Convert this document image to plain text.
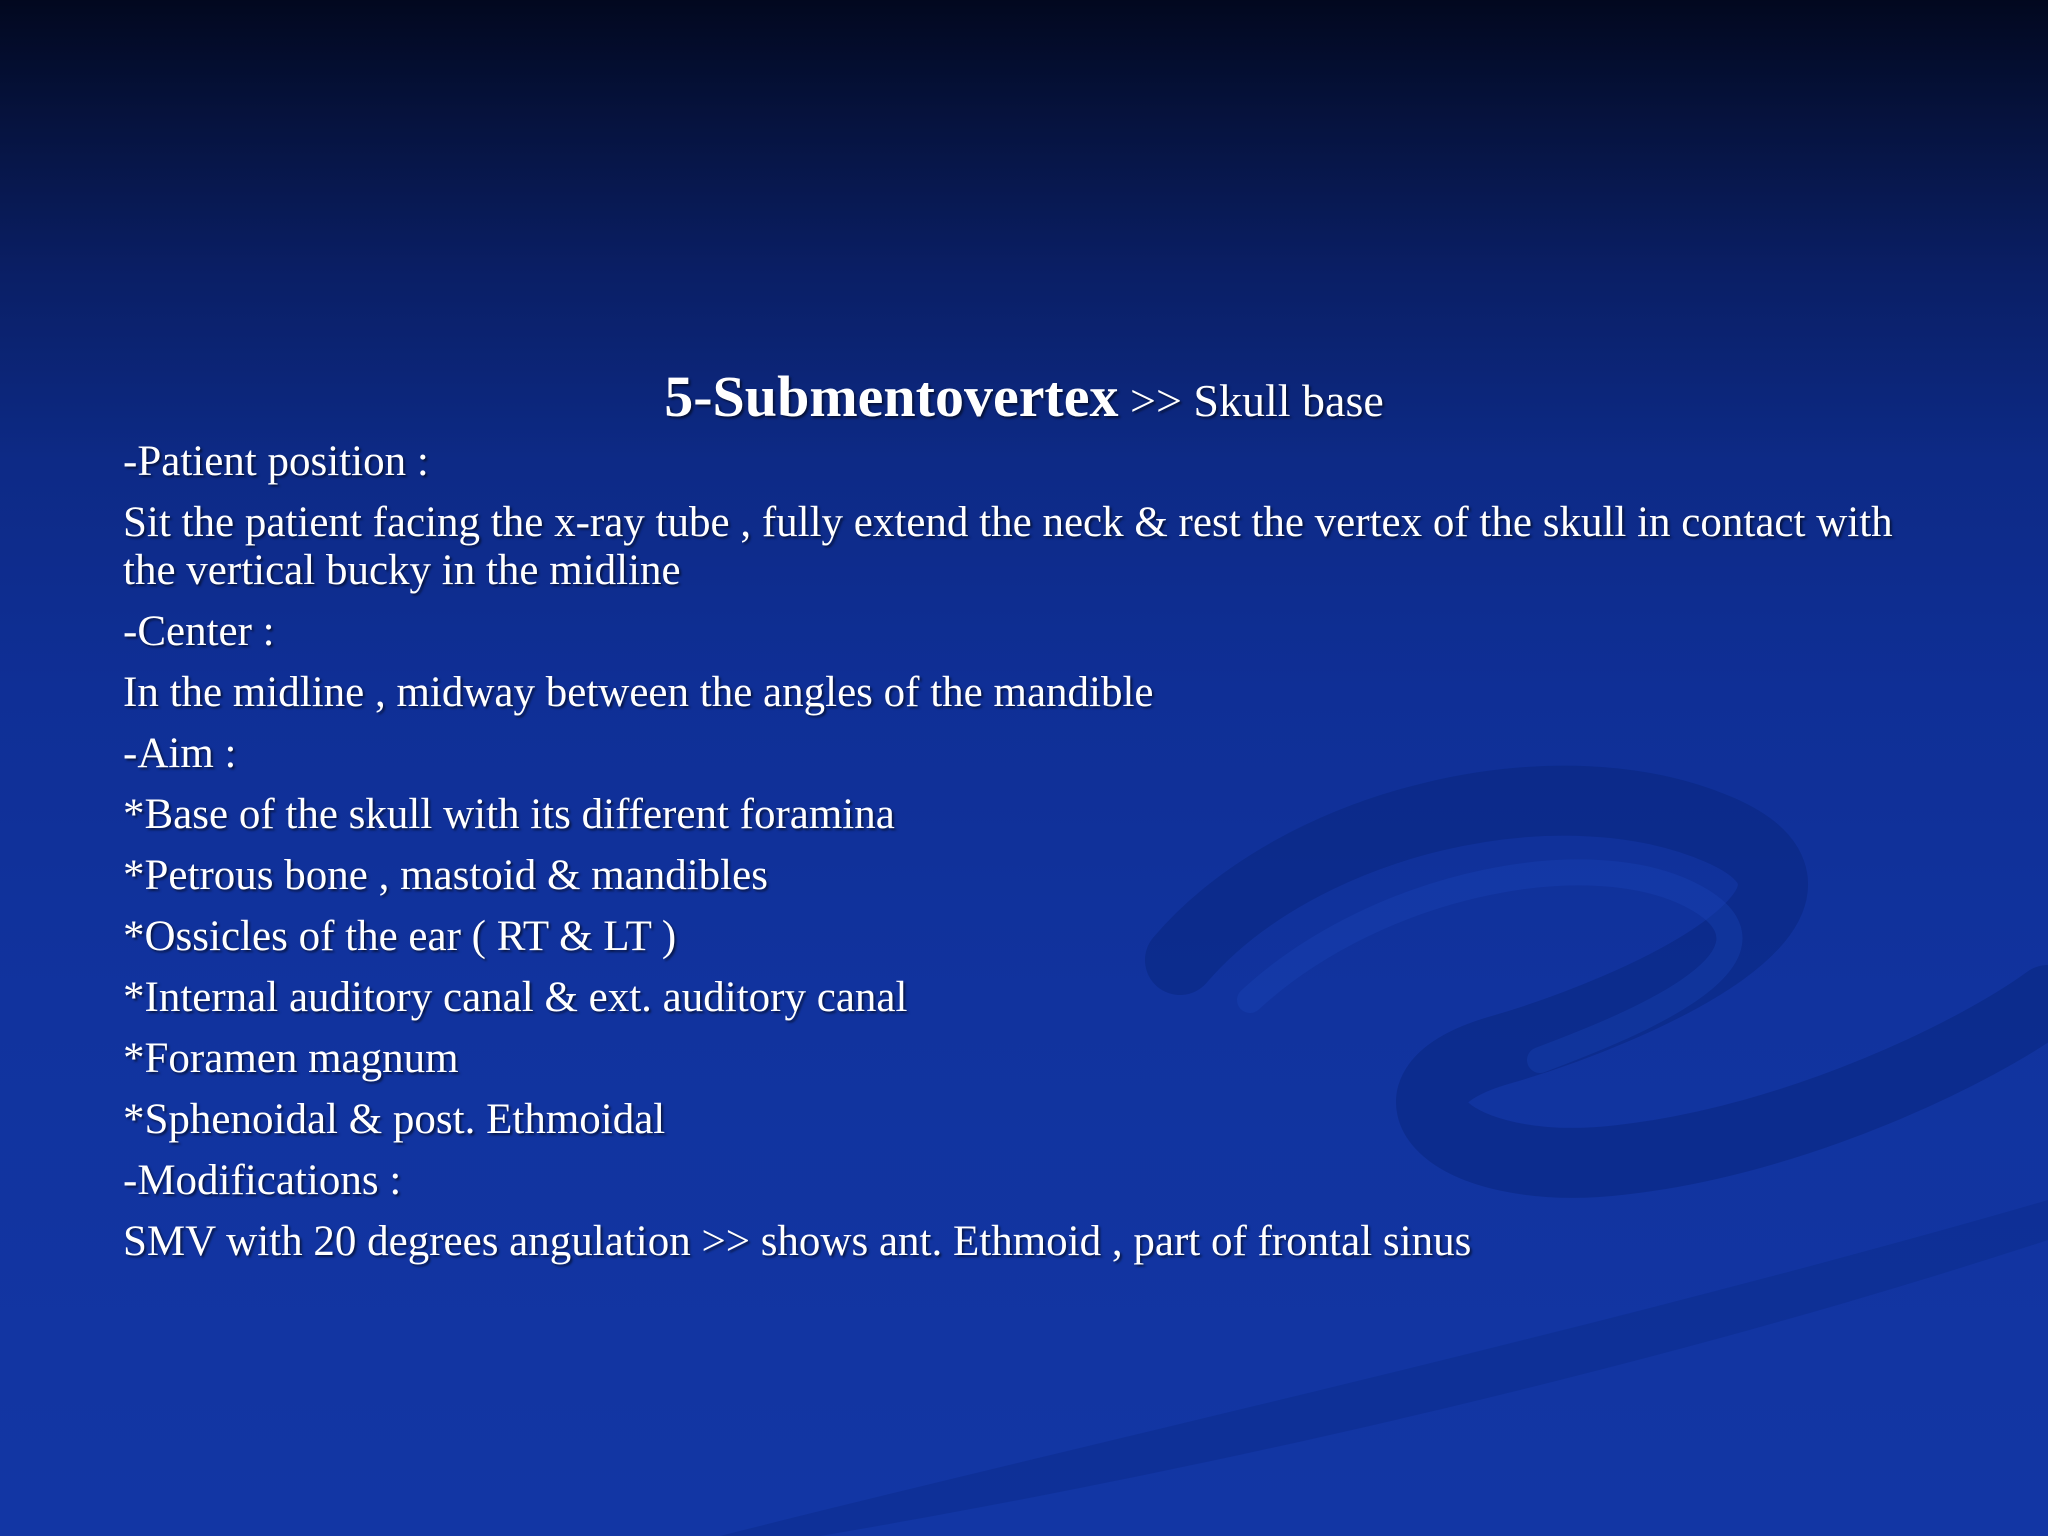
5-Submentovertex >> Skull base
-Patient position :
Sit the patient facing the x-ray tube , fully extend the neck & rest the vertex of the skull in contact with the vertical bucky in the midline
-Center :
In the midline , midway between the angles of the mandible
-Aim :
*Base of the skull with its different foramina
*Petrous bone , mastoid & mandibles
*Ossicles of the ear ( RT & LT )
*Internal auditory canal & ext. auditory canal
*Foramen magnum
*Sphenoidal & post. Ethmoidal
-Modifications :
SMV with 20 degrees angulation >> shows ant. Ethmoid , part of frontal sinus
